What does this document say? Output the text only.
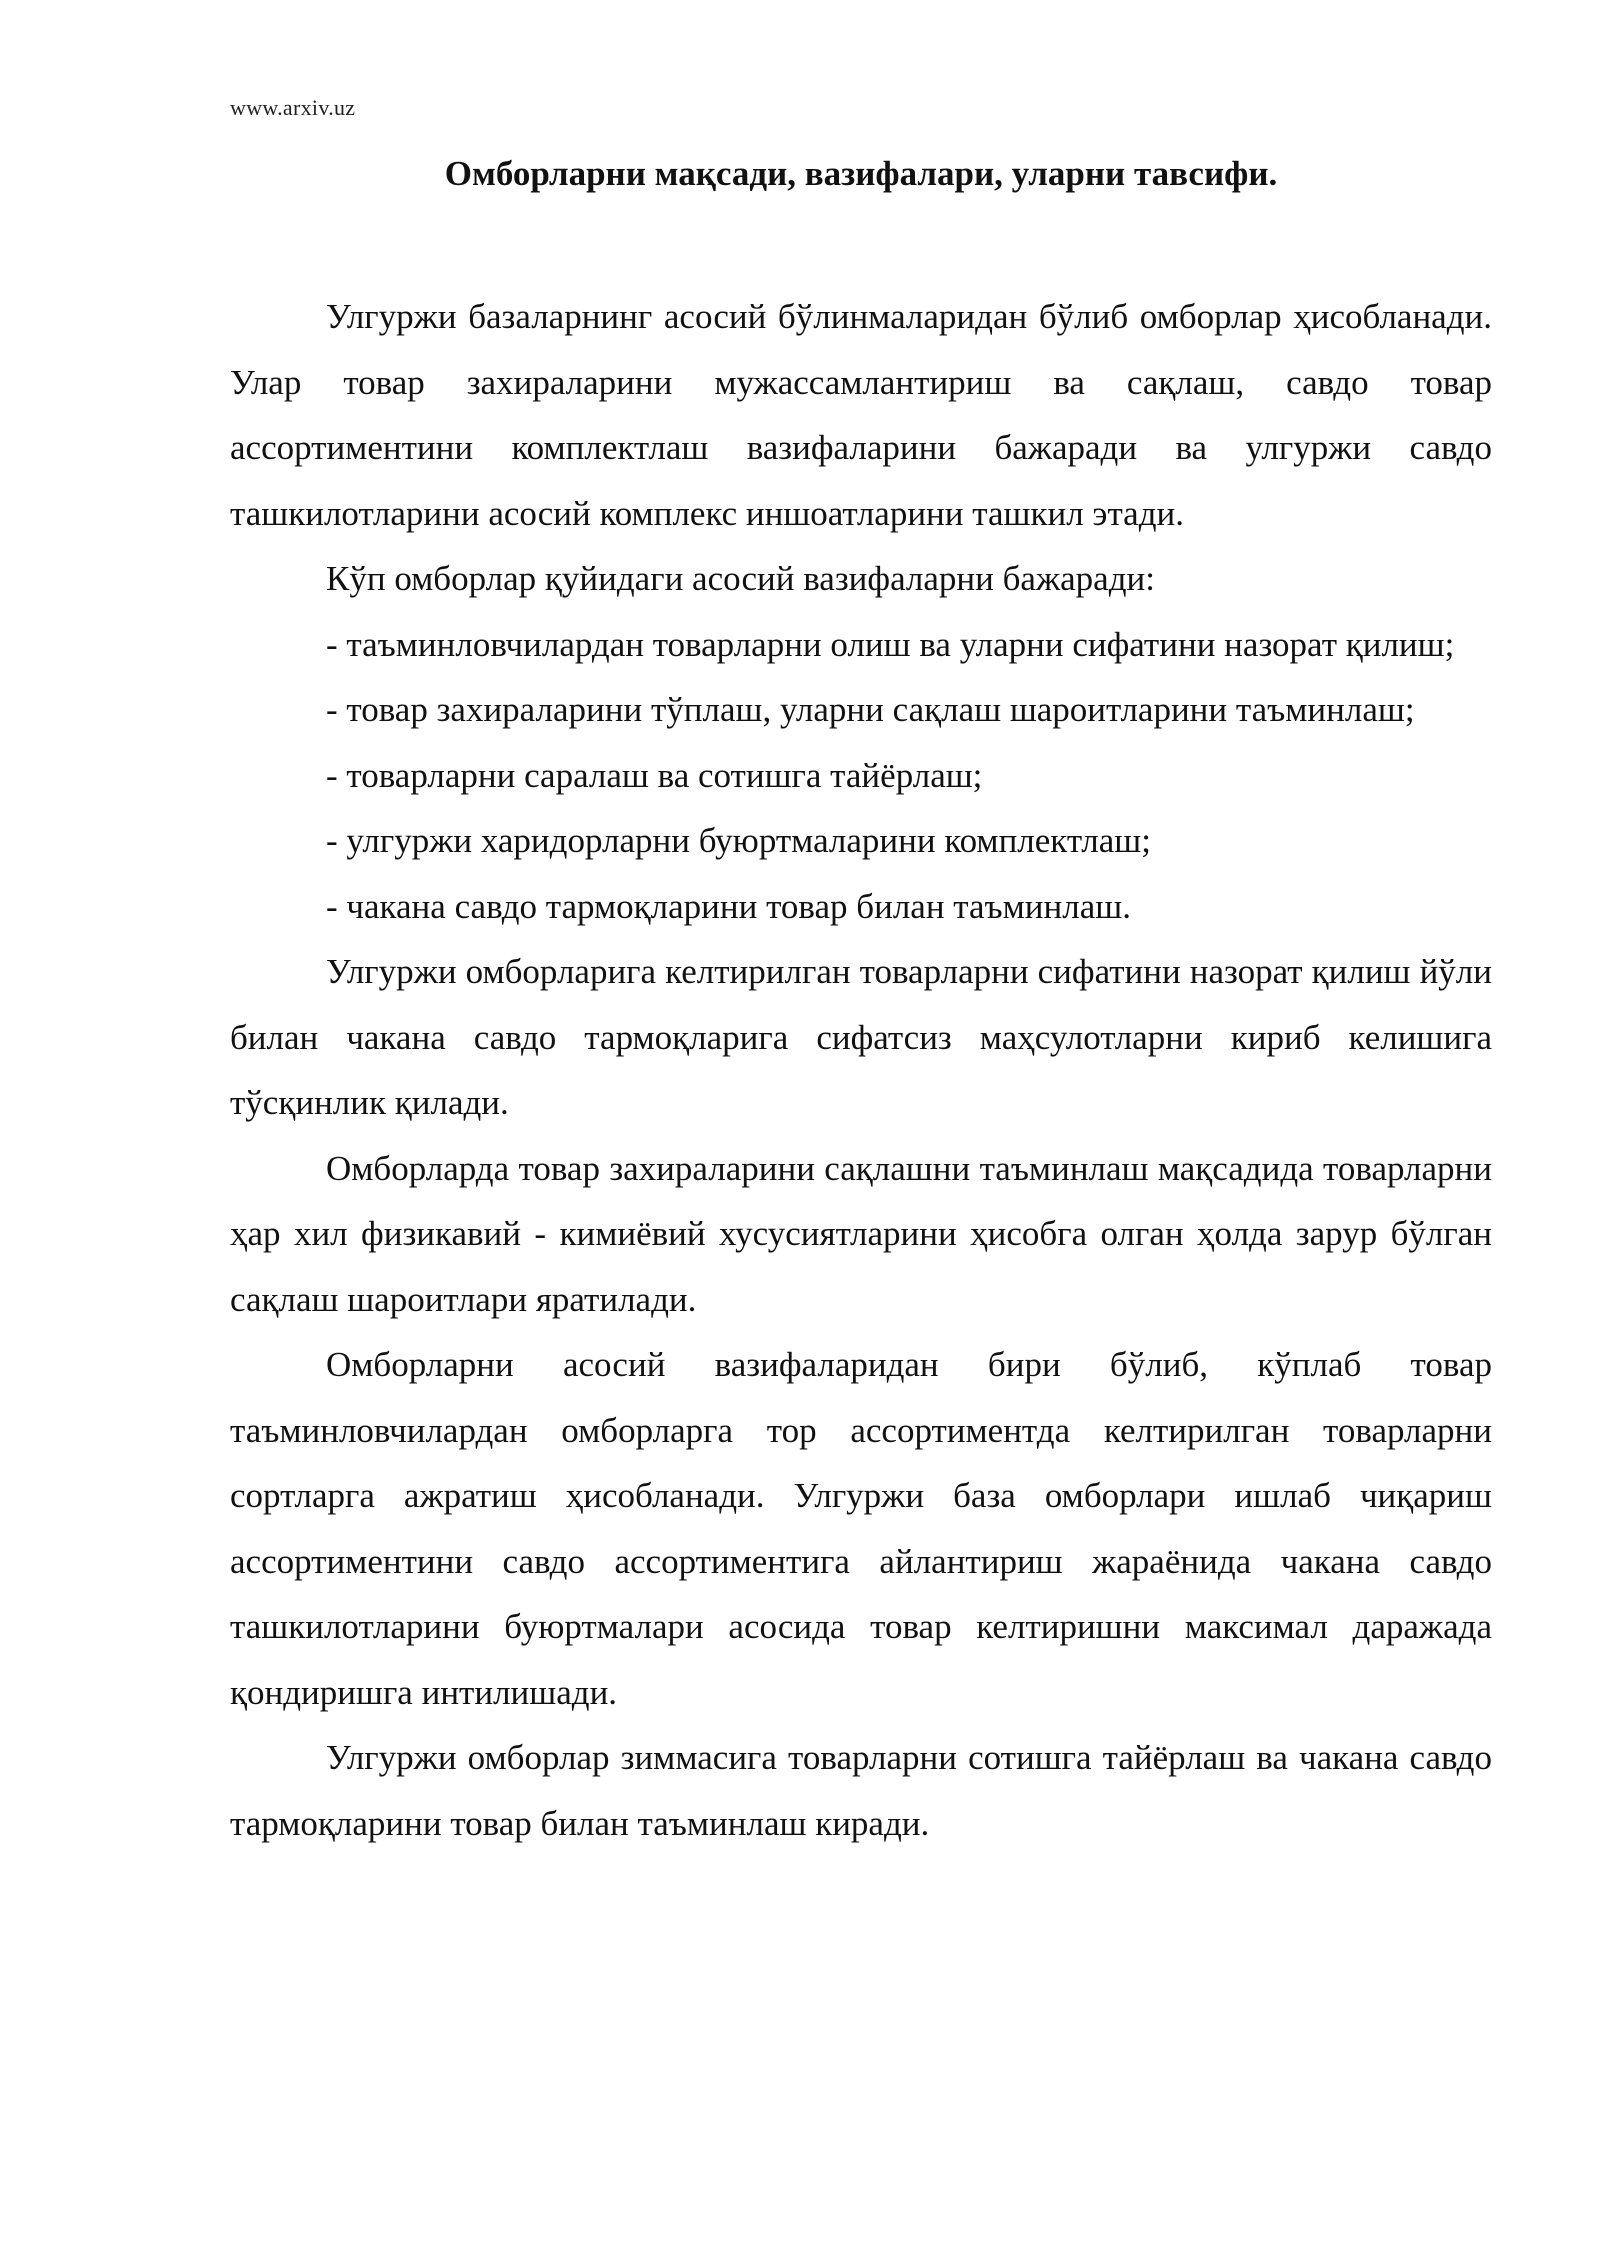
www.arxiv.uz
Омборларни мақсади, вазифалари, уларни тавсифи.

Улгуржи базаларнинг асосий бўлинмаларидан бўлиб омборлар ҳисобланади. Улар товар захираларини мужассамлантириш ва сақлаш, савдо товар ассортиментини комплектлаш вазифаларини бажаради ва улгуржи савдо ташкилотларини асосий комплекс иншоатларини ташкил этади.

Кўп омборлар қуйидаги асосий вазифаларни бажаради:

- таъминловчилардан товарларни олиш ва уларни сифатини назорат қилиш;

- товар захираларини тўплаш, уларни сақлаш шароитларини таъминлаш;

- товарларни саралаш ва сотишга тайёрлаш;

- улгуржи харидорларни буюртмаларини комплектлаш;

- чакана савдо тармоқларини товар билан таъминлаш.

Улгуржи омборларига келтирилган товарларни сифатини назорат қилиш йўли билан чакана савдо тармоқларига сифатсиз маҳсулотларни кириб келишига тўсқинлик қилади.

Омборларда товар захираларини сақлашни таъминлаш мақсадида товарларни ҳар хил физикавий - кимиёвий хусусиятларини ҳисобга олган ҳолда зарур бўлган сақлаш шароитлари яратилади.

Омборларни асосий вазифаларидан бири бўлиб, кўплаб товар таъминловчилардан омборларга тор ассортиментда келтирилган товарларни сортларга ажратиш ҳисобланади. Улгуржи база омборлари ишлаб чиқариш ассортиментини савдо ассортиментига айлантириш жараёнида чакана савдо ташкилотларини буюртмалари асосида товар келтиришни максимал даражада қондиришга интилишади.

Улгуржи омборлар зиммасига товарларни сотишга тайёрлаш ва чакана савдо тармоқларини товар билан таъминлаш киради.
